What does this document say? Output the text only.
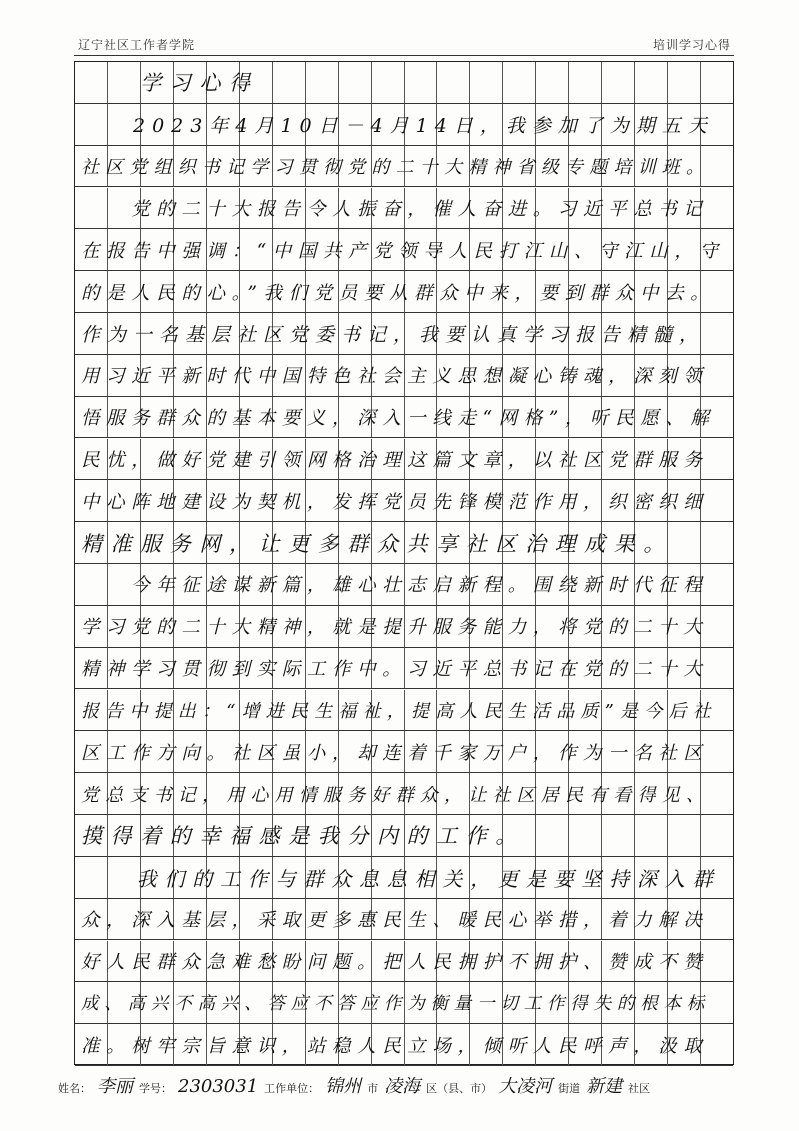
辽宁社区工作者学院	培训学习心得
　　学习心得
　　2023年4月10日－4月14日，我参加了为期五天
社区党组织书记学习贯彻党的二十大精神省级专题培训班。
　　党的二十大报告令人振奋，催人奋进。习近平总书记
在报告中强调：“中国共产党领导人民打江山、守江山，守
的是人民的心。”我们党员要从群众中来，要到群众中去。
作为一名基层社区党委书记，我要认真学习报告精髓，
用习近平新时代中国特色社会主义思想凝心铸魂，深刻领
悟服务群众的基本要义，深入一线走“网格”，听民愿、解
民忧，做好党建引领网格治理这篇文章，以社区党群服务
中心阵地建设为契机，发挥党员先锋模范作用，织密织细
精准服务网，让更多群众共享社区治理成果。
　　今年征途谋新篇，雄心壮志启新程。围绕新时代征程
学习党的二十大精神，就是提升服务能力，将党的二十大
精神学习贯彻到实际工作中。习近平总书记在党的二十大
报告中提出：“增进民生福祉，提高人民生活品质”是今后社
区工作方向。社区虽小，却连着千家万户，作为一名社区
党总支书记，用心用情服务好群众，让社区居民有看得见、
摸得着的幸福感是我分内的工作。
　　我们的工作与群众息息相关，更是要坚持深入群
众，深入基层，采取更多惠民生、暖民心举措，着力解决
好人民群众急难愁盼问题。把人民拥护不拥护、赞成不赞
成、高兴不高兴、答应不答应作为衡量一切工作得失的根本标
准。树牢宗旨意识，站稳人民立场，倾听人民呼声，汲取
姓名： 李丽 学号： 2303031 工作单位： 锦州 市 凌海 区（县、市） 大凌河 街道 新建 社区
